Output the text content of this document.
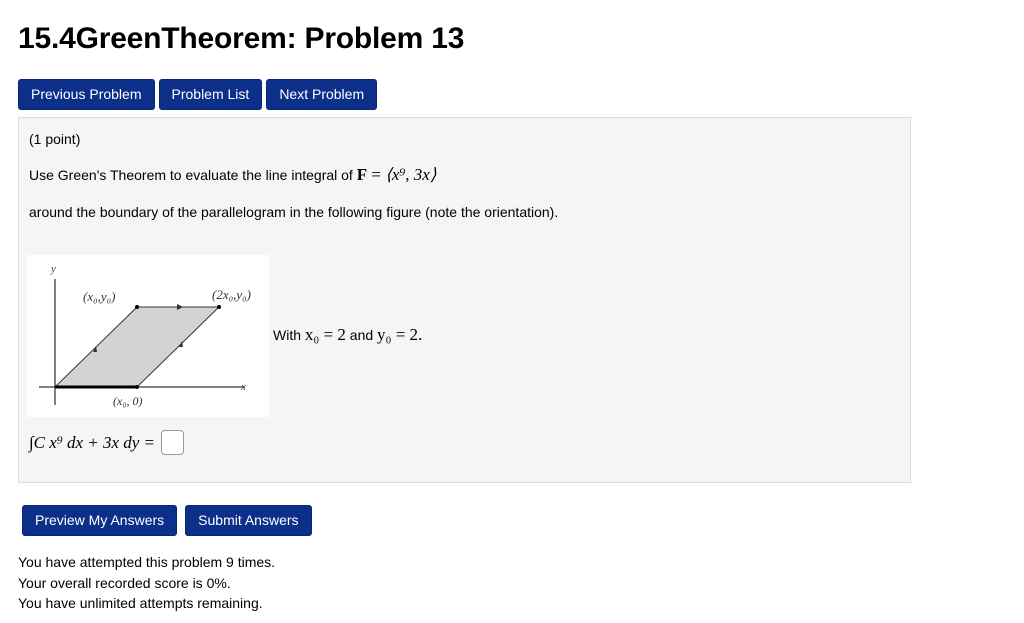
15.4GreenTheorem: Problem 13
Previous Problem	Problem List	Next Problem
(1 point)
Use Green's Theorem to evaluate the line integral of F = ⟨x⁹, 3x⟩
around the boundary of the parallelogram in the following figure (note the orientation).
y
x
(x₀,y₀)	(2x₀,y₀)
(x₀, 0)
With x₀ = 2 and y₀ = 2.
∫C x⁹ dx + 3x dy =
Preview My Answers	Submit Answers
You have attempted this problem 9 times.
Your overall recorded score is 0%.
You have unlimited attempts remaining.
